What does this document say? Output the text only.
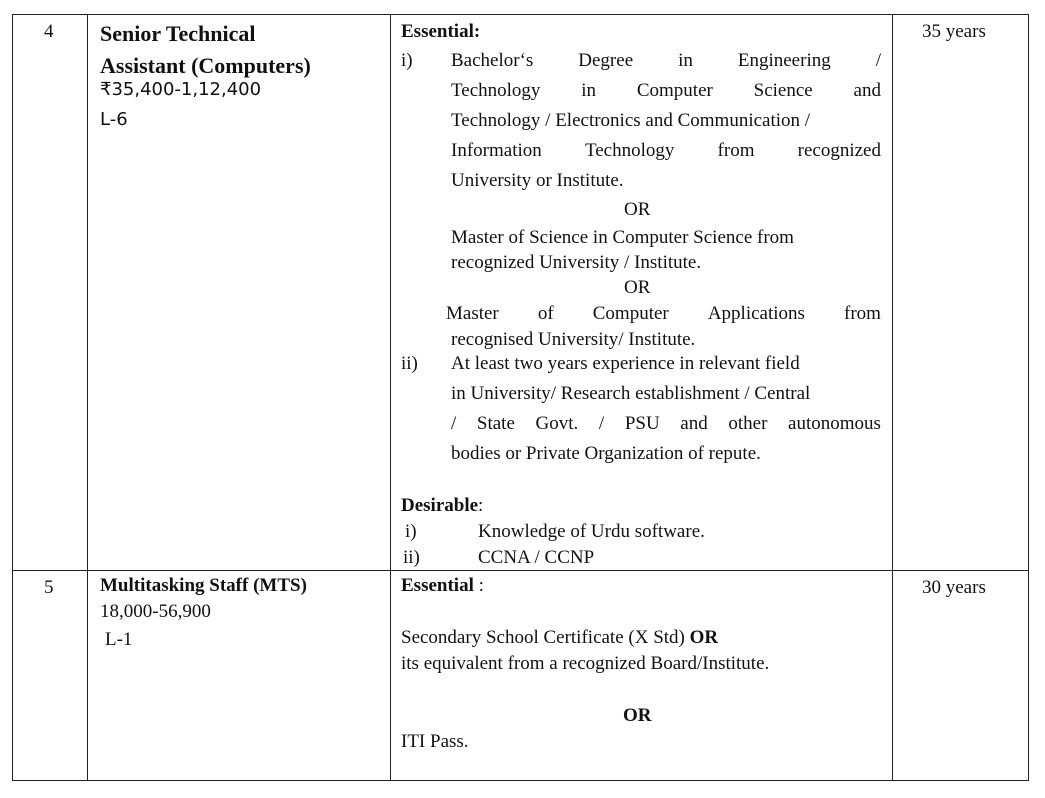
4 Senior Technical
Assistant (Computers)
₹35,400-1,12,400
L-6
Essential:
i) Bachelor‘s Degree in Engineering /
Technology in Computer Science and
Technology / Electronics and Communication /
Information Technology from recognized
University or Institute.
OR
Master of Science in Computer Science from
recognized University / Institute.
OR
Master of Computer Applications from
recognised University/ Institute.
ii) At least two years experience in relevant field
in University/ Research establishment / Central
/ State Govt. / PSU and other autonomous
bodies or Private Organization of repute.
Desirable:
i)	Knowledge of Urdu software.
ii)	CCNA / CCNP
35 years
5 Multitasking Staff (MTS)
18,000-56,900
L-1
Essential :
Secondary School Certificate (X Std) OR
its equivalent from a recognized Board/Institute.
OR
ITI Pass.
30 years
